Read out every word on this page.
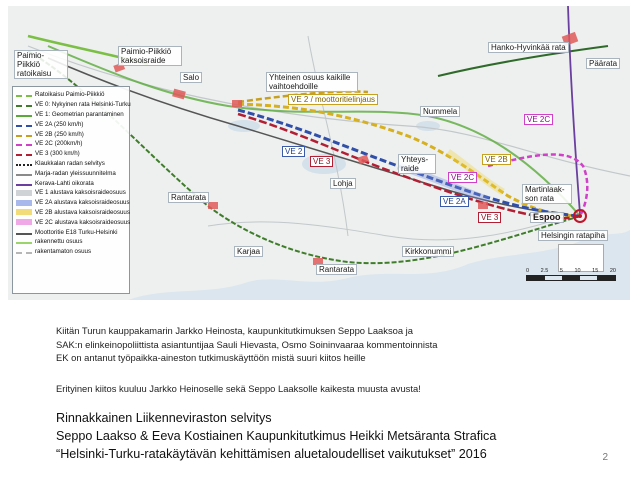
Paimio-Piikkiö ratoikaisu
Paimio-Piikkiö kaksoisraide
Salo	Yhteinen osuus kaikille vaihtoehdoille
Hanko-Hyvinkää rata
Päärata
Nummela
Yhteys-raide
Martinlaak-son rata
Lohja
Rantarata
Espoo
Helsingin ratapiha
Karjaa
Rantarata
Kirkkonummi
VE 2 / moottoritielinjaus
VE 2
VE 3
VE 2C
VE 2B
VE 2C
VE 2A
VE 3
Ratoikaisu Paimio-Piikkiö
VE 0: Nykyinen rata Helsinki-Turku
VE 1: Geometrian parantaminen
VE 2A (250 km/h)
VE 2B (250 km/h)
VE 2C (200km/h)
VE 3 (300 km/h)
Klaukkalan radan selvitys
Marja-radan yleissuunnitelma
Kerava-Lahti oikorata
VE 1 alustava kaksoisraideosuus
VE 2A alustava kaksoisraideosuus
VE 2B alustava kaksoisraideosuus
VE 2C alustava kaksoisraideosuus
Moottoritie E18 Turku-Helsinki
rakennettu osuus
rakentamaton osuus
0 2.5 5 10 15 20
Kiitän Turun kauppakamarin Jarkko Heinosta, kaupunkitutkimuksen Seppo Laaksoa ja
SAK:n elinkeinopoliittista asiantuntijaa Sauli Hievasta, Osmo Soininvaaraa kommentoinnista
EK on antanut työpaikka-aineston tutkimuskäyttöön mistä suuri kiitos heille
Erityinen kiitos kuuluu Jarkko Heinoselle sekä Seppo Laaksolle kaikesta muusta avusta!
Rinnakkainen Liikenneviraston selvitys
Seppo Laakso & Eeva Kostiainen Kaupunkitutkimus Heikki Metsäranta Strafica
“Helsinki-Turku-ratakäytävän kehittämisen aluetaloudelliset vaikutukset” 2016	2
